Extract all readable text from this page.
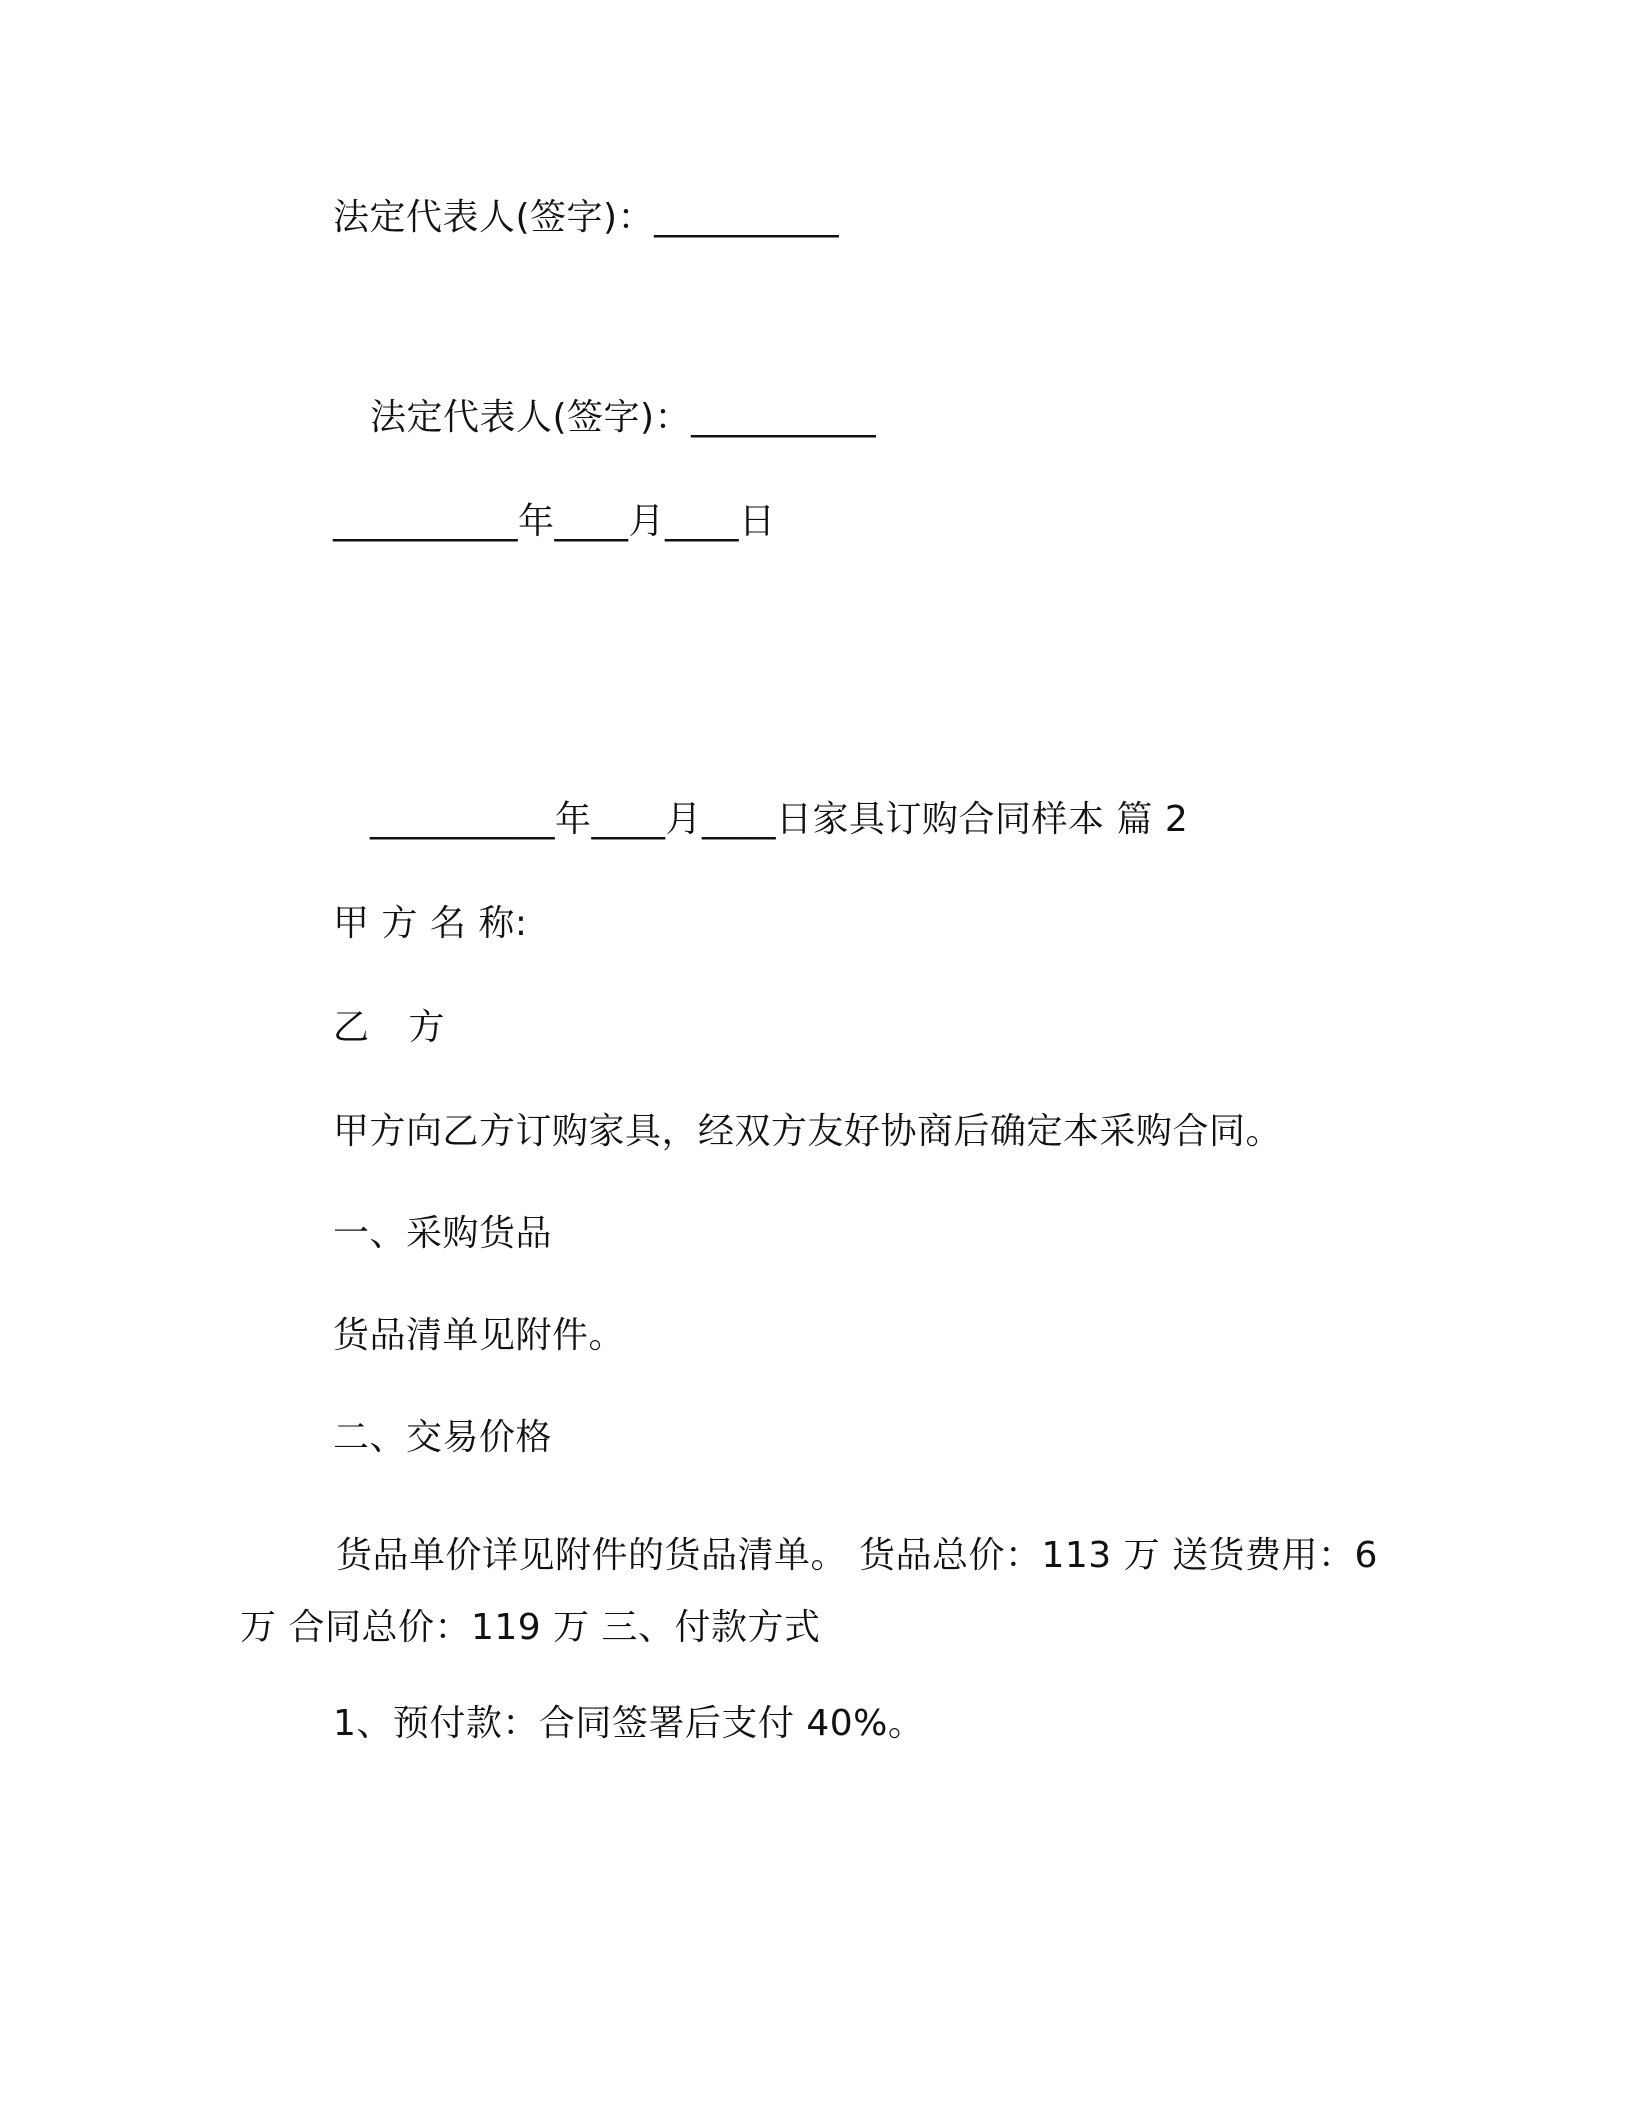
法定代表人(签字)：__________
法定代表人(签字)：__________
__________年____月____日
__________年____月____日家具订购合同样本 篇 2
甲 方 名 称:
乙 方
甲方向乙方订购家具，经双方友好协商后确定本采购合同。
一、采购货品
货品清单见附件。
二、交易价格
货品单价详见附件的货品清单。 货品总价：113 万 送货费用：6 万 合同总价：119 万 三、付款方式
1、预付款：合同签署后支付 40%。
